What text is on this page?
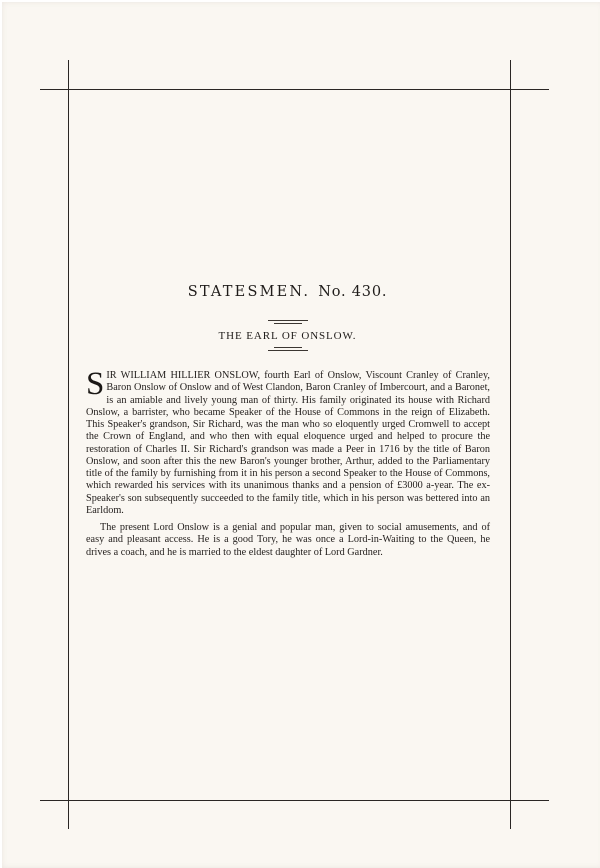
STATESMEN. No. 430.
THE EARL OF ONSLOW.

SIR WILLIAM HILLIER ONSLOW, fourth Earl of Onslow, Viscount Cranley of Cranley, Baron Onslow of Onslow and of West Clandon, Baron Cranley of Imbercourt, and a Baronet, is an amiable and lively young man of thirty. His family originated its house with Richard Onslow, a barrister, who became Speaker of the House of Commons in the reign of Elizabeth. This Speaker's grandson, Sir Richard, was the man who so eloquently urged Cromwell to accept the Crown of England, and who then with equal eloquence urged and helped to procure the restoration of Charles II. Sir Richard's grandson was made a Peer in 1716 by the title of Baron Onslow, and soon after this the new Baron's younger brother, Arthur, added to the Parliamentary title of the family by furnishing from it in his person a second Speaker to the House of Commons, which rewarded his services with its unanimous thanks and a pension of £3000 a-year. The ex-Speaker's son subsequently succeeded to the family title, which in his person was bettered into an Earldom.

The present Lord Onslow is a genial and popular man, given to social amusements, and of easy and pleasant access. He is a good Tory, he was once a Lord-in-Waiting to the Queen, he drives a coach, and he is married to the eldest daughter of Lord Gardner.
